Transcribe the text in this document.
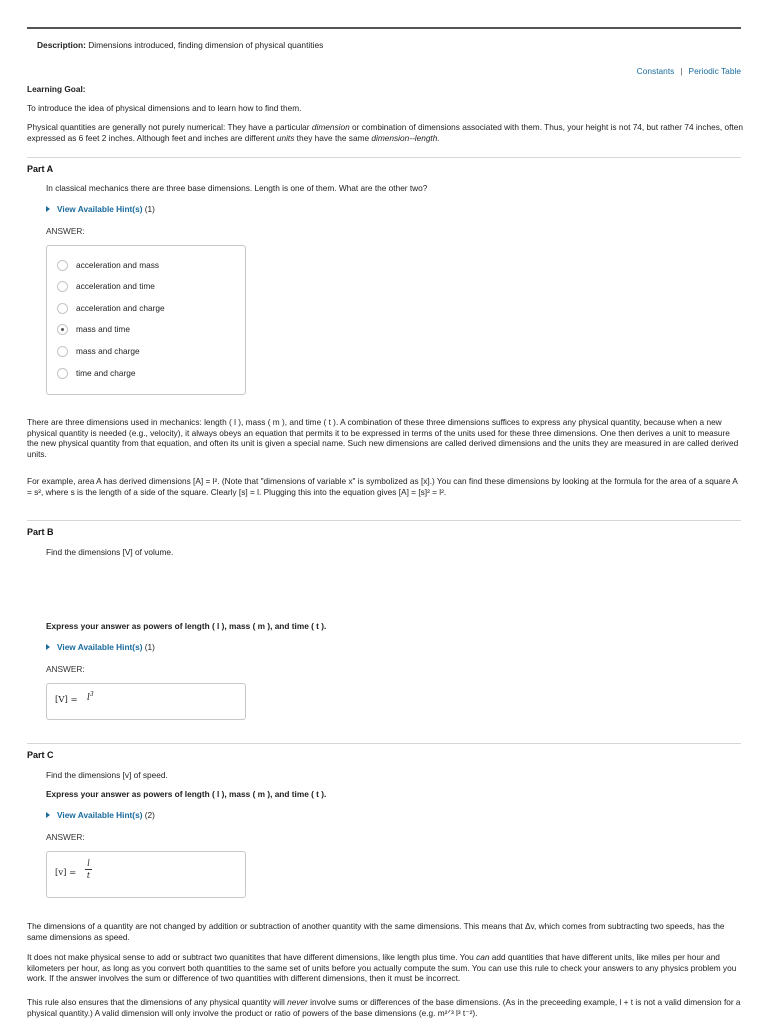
Description: Dimensions introduced, finding dimension of physical quantities
Constants | Periodic Table
Learning Goal:
To introduce the idea of physical dimensions and to learn how to find them.
Physical quantities are generally not purely numerical: They have a particular dimension or combination of dimensions associated with them. Thus, your height is not 74, but rather 74 inches, often expressed as 6 feet 2 inches. Although feet and inches are different units they have the same dimension--length.
Part A
In classical mechanics there are three base dimensions. Length is one of them. What are the other two?
View Available Hint(s) (1)
ANSWER:
acceleration and mass
acceleration and time
acceleration and charge
mass and time
mass and charge
time and charge
There are three dimensions used in mechanics: length ( l ), mass ( m ), and time ( t ). A combination of these three dimensions suffices to express any physical quantity, because when a new physical quantity is needed (e.g., velocity), it always obeys an equation that permits it to be expressed in terms of the units used for these three dimensions. One then derives a unit to measure the new physical quantity from that equation, and often its unit is given a special name. Such new dimensions are called derived dimensions and the units they are measured in are called derived units.
For example, area A has derived dimensions [A] = l². (Note that "dimensions of variable x" is symbolized as [x].) You can find these dimensions by looking at the formula for the area of a square A = s², where s is the length of a side of the square. Clearly [s] = l. Plugging this into the equation gives [A] = [s]² = l².
Part B
Find the dimensions [V] of volume.
Express your answer as powers of length ( l ), mass ( m ), and time ( t ).
View Available Hint(s) (1)
ANSWER:
$[V] = l^3$
Part C
Find the dimensions [v] of speed.
Express your answer as powers of length ( l ), mass ( m ), and time ( t ).
View Available Hint(s) (2)
ANSWER:
[v] =
l
t
The dimensions of a quantity are not changed by addition or subtraction of another quantity with the same dimensions. This means that Δv, which comes from subtracting two speeds, has the same dimensions as speed.
It does not make physical sense to add or subtract two quanitites that have different dimensions, like length plus time. You can add quantities that have different units, like miles per hour and kilometers per hour, as long as you convert both quantities to the same set of units before you actually compute the sum. You can use this rule to check your answers to any physics problem you work. If the answer involves the sum or difference of two quantities with different dimensions, then it must be incorrect.
This rule also ensures that the dimensions of any physical quantity will never involve sums or differences of the base dimensions. (As in the preceeding example, l + t is not a valid dimension for a physical quantity.) A valid dimension will only involve the product or ratio of powers of the base dimensions (e.g. m²ᐟ³ l³ t⁻²).
